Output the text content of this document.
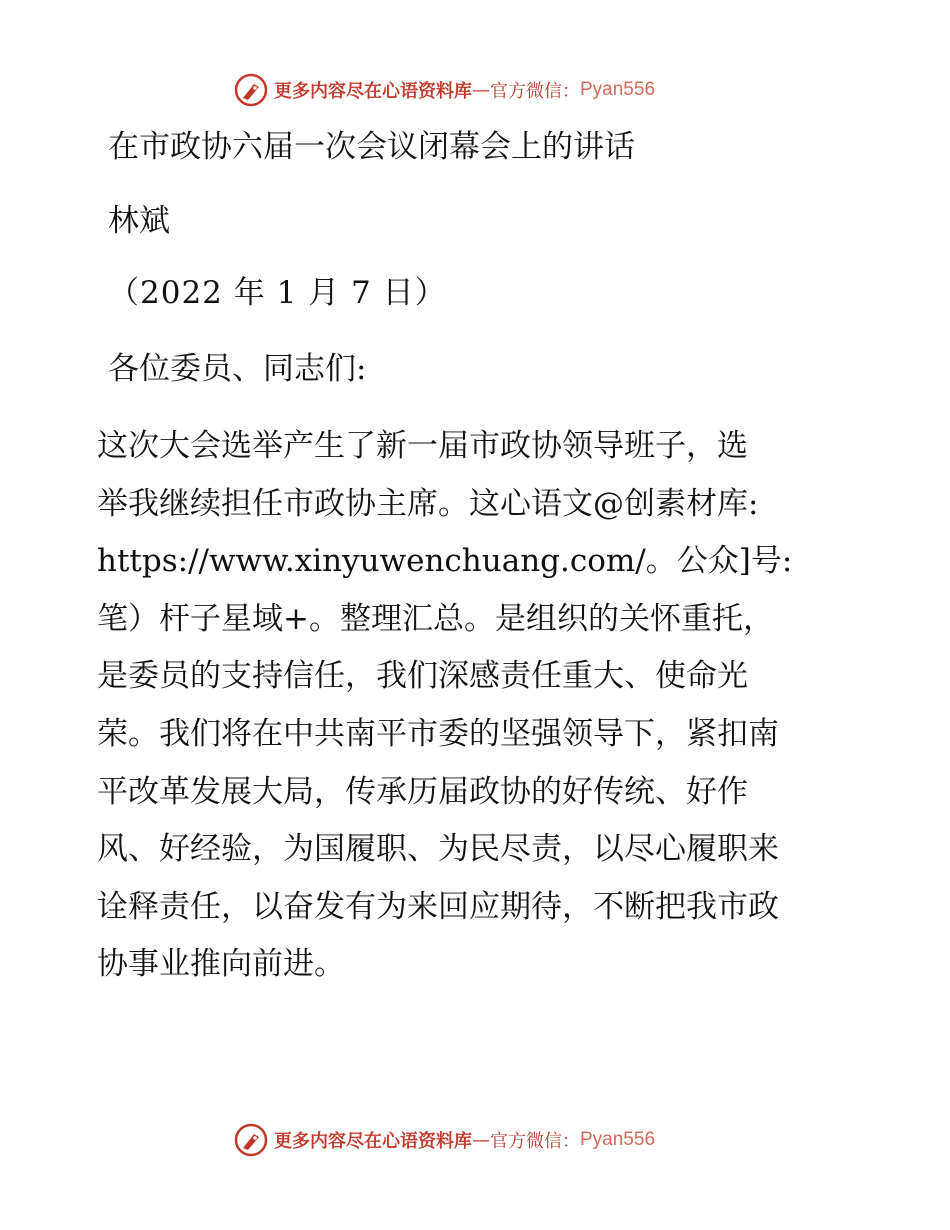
更多内容尽在心语资料库 — 官方微信： Pyan556
在市政协六届一次会议闭幕会上的讲话
林斌
（2022 年 1 月 7 日）
各位委员、同志们:
这次大会选举产生了新一届市政协领导班子，选
举我继续担任市政协主席。这心语文@创素材库:
https://www.xinyuwenchuang.com/。公众]号:
笔）杆子星域+。整理汇总。是组织的关怀重托，
是委员的支持信任，我们深感责任重大、使命光
荣。我们将在中共南平市委的坚强领导下，紧扣南
平改革发展大局，传承历届政协的好传统、好作
风、好经验，为国履职、为民尽责，以尽心履职来
诠释责任，以奋发有为来回应期待，不断把我市政
协事业推向前进。
更多内容尽在心语资料库 — 官方微信： Pyan556
